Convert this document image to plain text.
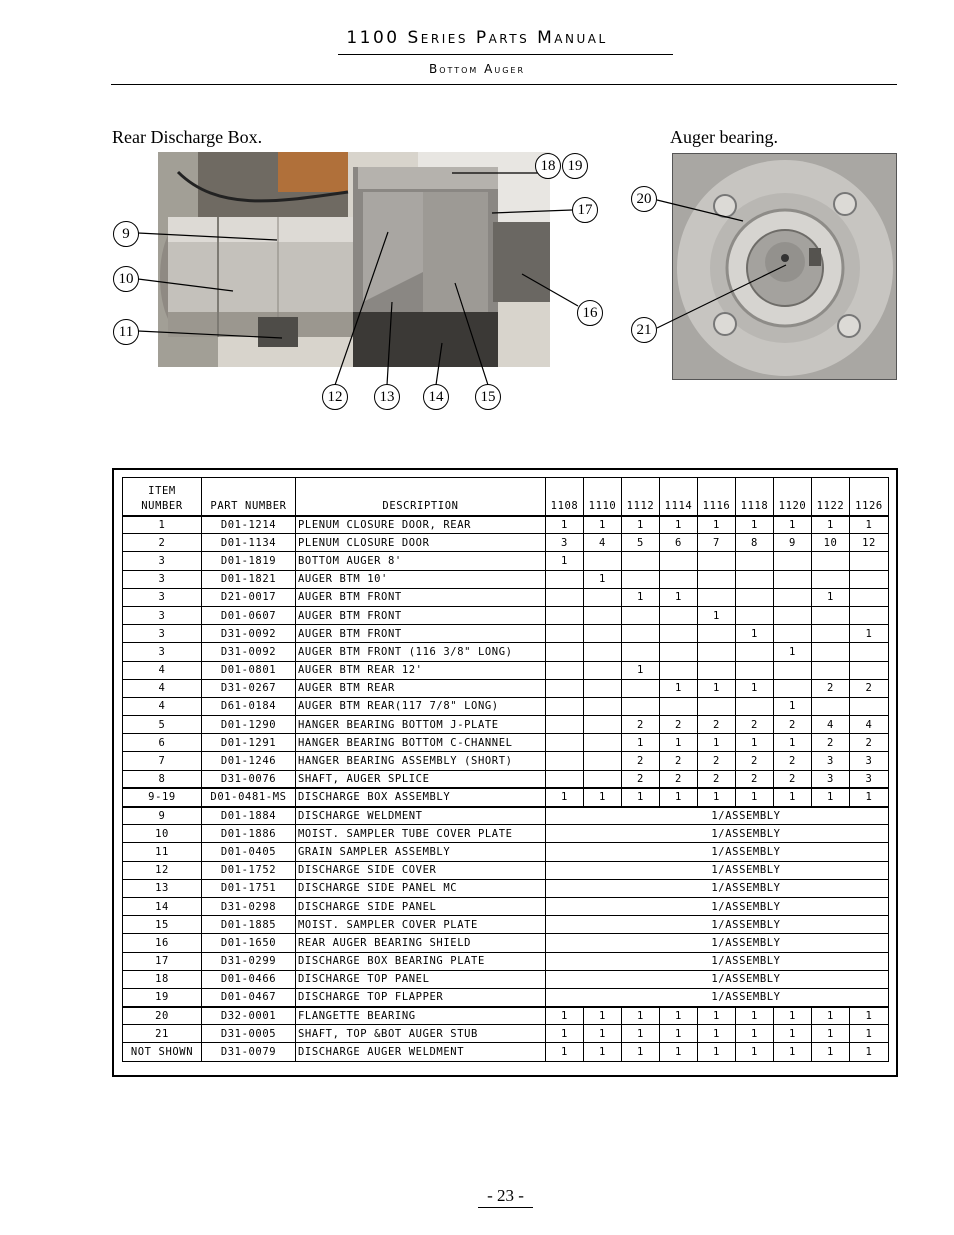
1100 Series Parts Manual
Bottom Auger
Rear Discharge Box.	Auger bearing.
9
10
11
12	13	14	15
16
17
18 19
20
21
ITEM
NUMBER	PART NUMBER	DESCRIPTION	1108	1110	1112	1114	1116	1118	1120	1122	1126
1	D01-1214	PLENUM CLOSURE DOOR, REAR	1	1	1	1	1	1	1	1	1
2	D01-1134	PLENUM CLOSURE DOOR	3	4	5	6	7	8	9	10	12
3	D01-1819	BOTTOM AUGER 8'	1								
3	D01-1821	AUGER BTM 10'		1							
3	D21-0017	AUGER BTM FRONT			1	1				1	
3	D01-0607	AUGER BTM FRONT					1				
3	D31-0092	AUGER BTM FRONT						1			1
3	D31-0092	AUGER BTM FRONT (116 3/8" LONG)							1		
4	D01-0801	AUGER BTM REAR 12'			1						
4	D31-0267	AUGER BTM REAR				1	1	1		2	2
4	D61-0184	AUGER BTM REAR(117 7/8" LONG)							1		
5	D01-1290	HANGER BEARING BOTTOM J-PLATE			2	2	2	2	2	4	4
6	D01-1291	HANGER BEARING BOTTOM C-CHANNEL			1	1	1	1	1	2	2
7	D01-1246	HANGER BEARING ASSEMBLY (SHORT)			2	2	2	2	2	3	3
8	D31-0076	SHAFT, AUGER SPLICE			2	2	2	2	2	3	3
9-19	D01-0481-MS	DISCHARGE BOX ASSEMBLY	1	1	1	1	1	1	1	1	1
9	D01-1884	DISCHARGE WELDMENT	1/ASSEMBLY								
10	D01-1886	MOIST. SAMPLER TUBE COVER PLATE	1/ASSEMBLY								
11	D01-0405	GRAIN SAMPLER ASSEMBLY	1/ASSEMBLY								
12	D01-1752	DISCHARGE SIDE COVER	1/ASSEMBLY								
13	D01-1751	DISCHARGE SIDE PANEL MC	1/ASSEMBLY								
14	D31-0298	DISCHARGE SIDE PANEL	1/ASSEMBLY								
15	D01-1885	MOIST. SAMPLER COVER PLATE	1/ASSEMBLY								
16	D01-1650	REAR AUGER BEARING SHIELD	1/ASSEMBLY								
17	D31-0299	DISCHARGE BOX BEARING PLATE	1/ASSEMBLY								
18	D01-0466	DISCHARGE TOP PANEL	1/ASSEMBLY								
19	D01-0467	DISCHARGE TOP FLAPPER	1/ASSEMBLY								
20	D32-0001	FLANGETTE BEARING	1	1	1	1	1	1	1	1	1
21	D31-0005	SHAFT, TOP &BOT AUGER STUB	1	1	1	1	1	1	1	1	1
NOT SHOWN	D31-0079	DISCHARGE AUGER WELDMENT	1	1	1	1	1	1	1	1	1
- 23 -
